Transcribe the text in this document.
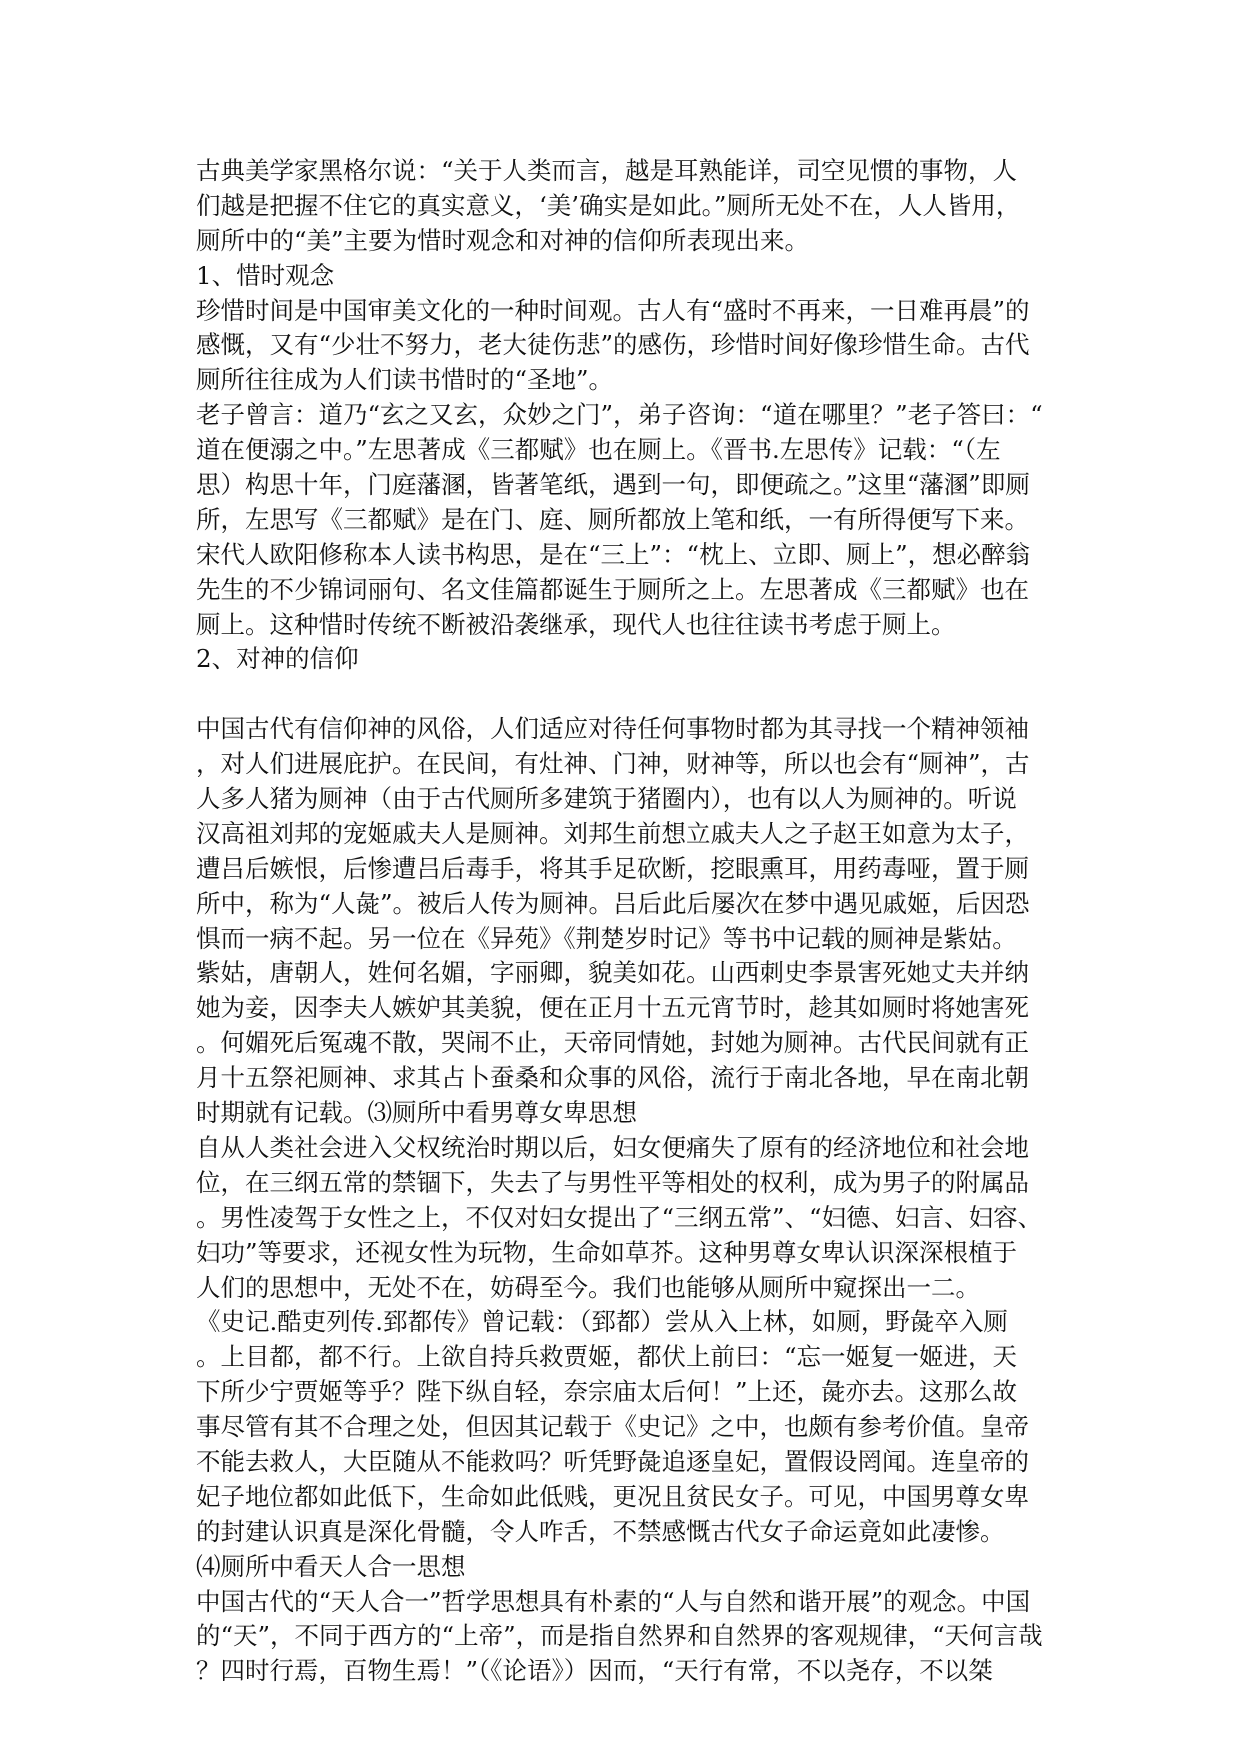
古典美学家黑格尔说：“关于人类而言，越是耳熟能详，司空见惯的事物，人
们越是把握不住它的真实意义，‘美’确实是如此。”厕所无处不在，人人皆用，
厕所中的“美”主要为惜时观念和对神的信仰所表现出来。
1、惜时观念
珍惜时间是中国审美文化的一种时间观。古人有“盛时不再来，一日难再晨”的
感慨，又有“少壮不努力，老大徒伤悲”的感伤，珍惜时间好像珍惜生命。古代
厕所往往成为人们读书惜时的“圣地”。
老子曾言：道乃“玄之又玄，众妙之门”，弟子咨询：“道在哪里？”老子答曰：“
道在便溺之中。”左思著成《三都赋》也在厕上。《晋书.左思传》记载：“（左
思）构思十年，门庭藩溷，皆著笔纸，遇到一句，即便疏之。”这里“藩溷”即厕
所，左思写《三都赋》是在门、庭、厕所都放上笔和纸，一有所得便写下来。
宋代人欧阳修称本人读书构思，是在“三上”：“枕上、立即、厕上”，想必醉翁
先生的不少锦词丽句、名文佳篇都诞生于厕所之上。左思著成《三都赋》也在
厕上。这种惜时传统不断被沿袭继承，现代人也往往读书考虑于厕上。
2、对神的信仰
中国古代有信仰神的风俗，人们适应对待任何事物时都为其寻找一个精神领袖
，对人们进展庇护。在民间，有灶神、门神，财神等，所以也会有“厕神”，古
人多人猪为厕神（由于古代厕所多建筑于猪圈内），也有以人为厕神的。听说
汉高祖刘邦的宠姬戚夫人是厕神。刘邦生前想立戚夫人之子赵王如意为太子，
遭吕后嫉恨，后惨遭吕后毒手，将其手足砍断，挖眼熏耳，用药毒哑，置于厕
所中，称为“人彘”。被后人传为厕神。吕后此后屡次在梦中遇见戚姬，后因恐
惧而一病不起。另一位在《异苑》《荆楚岁时记》等书中记载的厕神是紫姑。
紫姑，唐朝人，姓何名媚，字丽卿，貌美如花。山西刺史李景害死她丈夫并纳
她为妾，因李夫人嫉妒其美貌，便在正月十五元宵节时，趁其如厕时将她害死
。何媚死后冤魂不散，哭闹不止，天帝同情她，封她为厕神。古代民间就有正
月十五祭祀厕神、求其占卜蚕桑和众事的风俗，流行于南北各地，早在南北朝
时期就有记载。⑶厕所中看男尊女卑思想
自从人类社会进入父权统治时期以后，妇女便痛失了原有的经济地位和社会地
位，在三纲五常的禁锢下，失去了与男性平等相处的权利，成为男子的附属品
。男性凌驾于女性之上，不仅对妇女提出了“三纲五常”、“妇德、妇言、妇容、
妇功”等要求，还视女性为玩物，生命如草芥。这种男尊女卑认识深深根植于
人们的思想中，无处不在，妨碍至今。我们也能够从厕所中窥探出一二。
《史记.酷吏列传.郅都传》曾记载：（郅都）尝从入上林，如厕，野彘卒入厕
。上目都，都不行。上欲自持兵救贾姬，都伏上前曰：“忘一姬复一姬进，天
下所少宁贾姬等乎？陛下纵自轻，奈宗庙太后何！”上还，彘亦去。这那么故
事尽管有其不合理之处，但因其记载于《史记》之中，也颇有参考价值。皇帝
不能去救人，大臣随从不能救吗？听凭野彘追逐皇妃，置假设罔闻。连皇帝的
妃子地位都如此低下，生命如此低贱，更况且贫民女子。可见，中国男尊女卑
的封建认识真是深化骨髓，令人咋舌，不禁感慨古代女子命运竟如此凄惨。
⑷厕所中看天人合一思想
中国古代的“天人合一”哲学思想具有朴素的“人与自然和谐开展”的观念。中国
的“天”，不同于西方的“上帝”，而是指自然界和自然界的客观规律，“天何言哉
？四时行焉，百物生焉！”（《论语》）因而，“天行有常，不以尧存，不以桀
